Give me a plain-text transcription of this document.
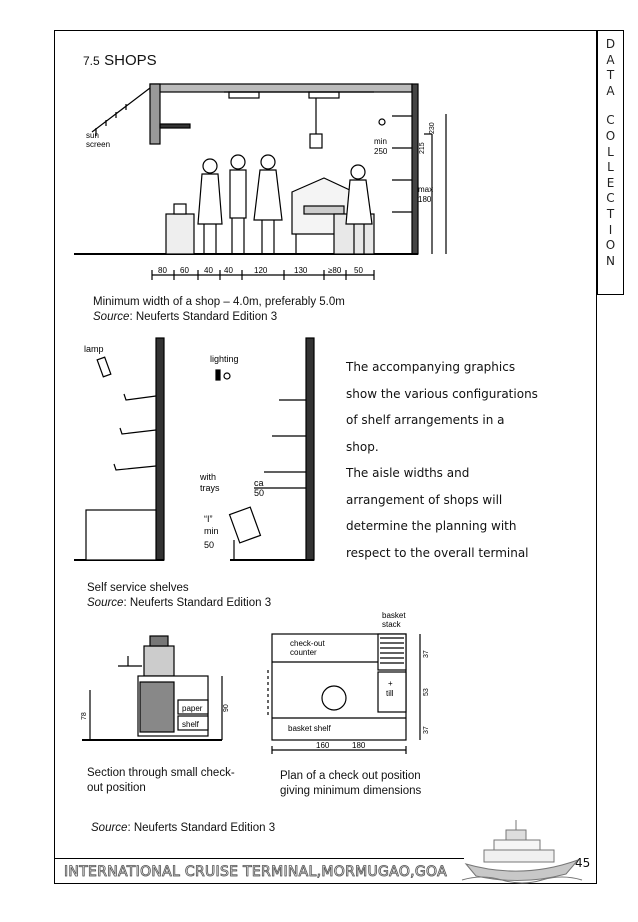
D
A
T
A
C
O
L
L
E
C
T
I
O
N
7.5 SHOPS
sun
screen
max
180
215
230
min
250
80 60 40 40	120	130	≥80 50
Minimum width of a shop – 4.0m, preferably 5.0m
Source: Neuferts Standard Edition 3
lamp
lighting
with
trays	ca
50
“I”
min
50

The accompanying graphics

show the various configurations

of shelf arrangements in a

shop.

The aisle widths and

arrangement of shops will

determine the planning with

respect to the overall terminal

Self service shelves
Source: Neuferts Standard Edition 3
paper
shelf
78
90
basket
stack
check-out
counter
+
till
basket shelf
37
53
37
160	180
Section through small check-
out position
Plan of a check out position
giving minimum dimensions
Source: Neuferts Standard Edition 3
INTERNATIONAL CRUISE TERMINAL,MORMUGAO,GOA
45
